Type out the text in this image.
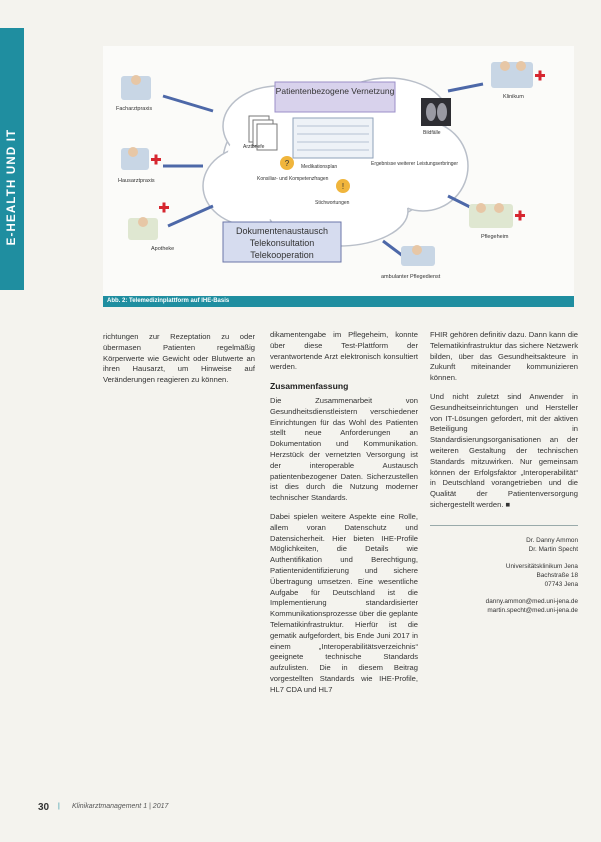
E-HEALTH UND IT
Patientenbezogene Vernetzung
Arztbriefe
Medikationsplan
Bildfälle
Ergebnisse weiterer Leistungserbringer
?
Konsiliar- und Kompetenzfragen
!
Stichwortungen
Dokumentenaustausch
Telekonsultation
Telekooperation
Facharztpraxis
Hausarztpraxis
Apotheke
Klinikum
Pflegeheim
ambulanter Pflegedienst
Abb. 2: Telemedizinplattform auf IHE-Basis

richtungen zur Rezeptation zu oder übermasen Patienten regelmäßig Körperwerte wie Gewicht oder Blutwerte an ihren Hausarzt, um Hinweise auf Veränderungen reagieren zu können.

dikamentengabe im Pflegeheim, konnte über diese Test-Plattform der verantwortende Arzt elektronisch konsultiert werden.

Zusammenfassung

Die Zusammenarbeit von Gesundheitsdienstleistern verschiedener Einrichtungen für das Wohl des Patienten stellt neue Anforderungen an Dokumentation und Kommunikation. Herzstück der vernetzten Versorgung ist der interoperable Austausch patientenbezogener Daten. Sicherzustellen ist dies durch die Nutzung moderner technischer Standards.

Dabei spielen weitere Aspekte eine Rolle, allem voran Datenschutz und Datensicherheit. Hier bieten IHE-Profile Möglichkeiten, die Details wie Authentifikation und Berechtigung, Patientenidentifizierung und sichere Übertragung umsetzen. Eine wesentliche Aufgabe für Deutschland ist die Implementierung standardisierter Kommunikationsprozesse über die geplante Telematikinfrastruktur. Hierfür ist die gematik aufgefordert, bis Ende Juni 2017 in einem „Interoperabilitätsverzeichnis“ geeignete technische Standards aufzulisten. Die in diesem Beitrag vorgestellten Standards wie IHE-Profile, HL7 CDA und HL7

FHIR gehören definitiv dazu. Dann kann die Telematikinfrastruktur das sichere Netzwerk bilden, über das Gesundheitsakteure in Zukunft miteinander kommunizieren können.

Und nicht zuletzt sind Anwender in Gesundheitseinrichtungen und Hersteller von IT-Lösungen gefordert, mit der aktiven Beteiligung in Standardisierungsorganisationen an der weiteren Gestaltung der technischen Standards mitzuwirken. Nur gemeinsam können der Erfolgsfaktor „Interoperabilität“ in Deutschland vorangetrieben und die Qualität der Patientenversorgung sichergestellt werden. ■

Dr. Danny Ammon
Dr. Martin Specht
Universitätsklinikum Jena
Bachstraße 18
07743 Jena
danny.ammon@med.uni-jena.de
martin.specht@med.uni-jena.de
30 | Klinikarztmanagement 1 | 2017
